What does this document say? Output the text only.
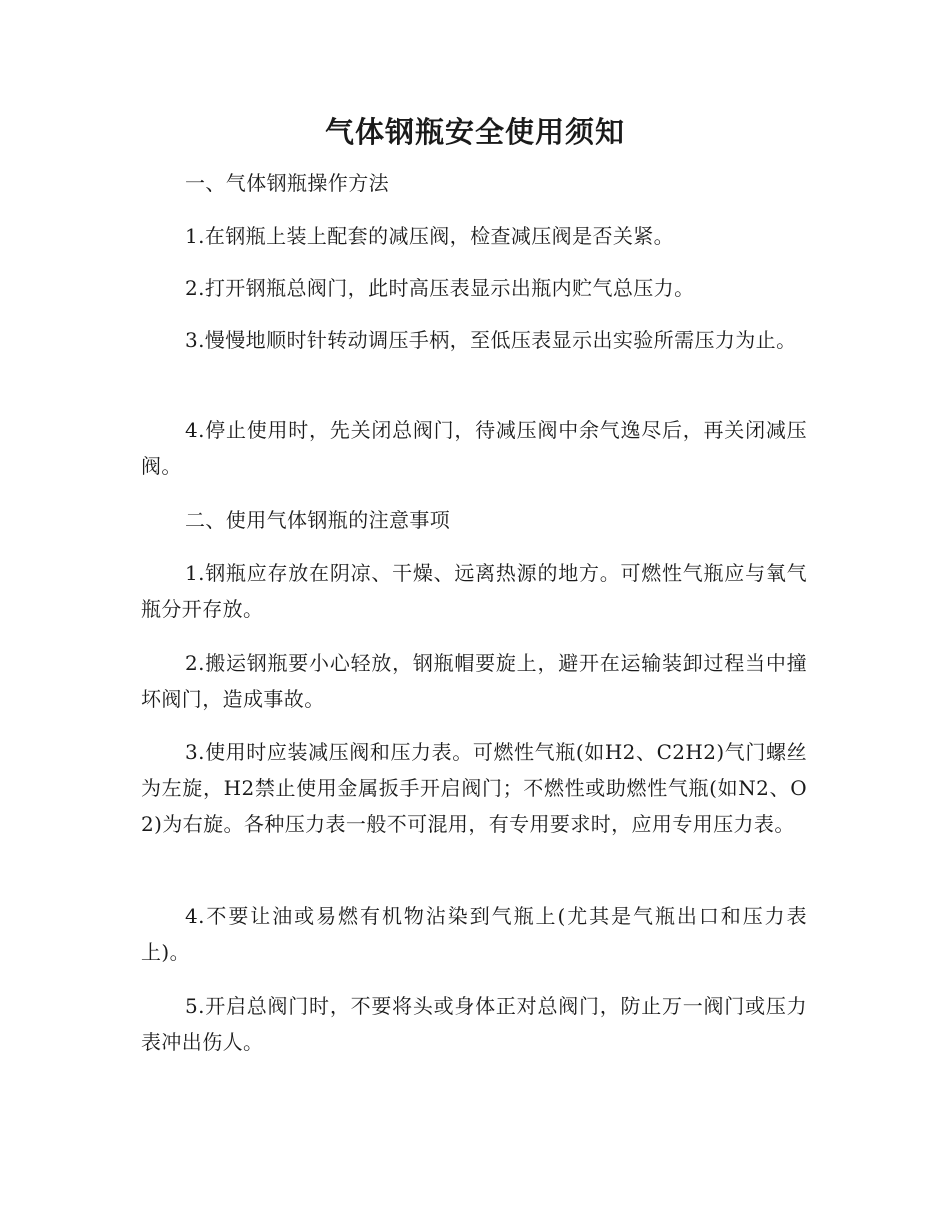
气体钢瓶安全使用须知

一、气体钢瓶操作方法

1.在钢瓶上装上配套的减压阀，检查减压阀是否关紧。

2.打开钢瓶总阀门，此时高压表显示出瓶内贮气总压力。

3.慢慢地顺时针转动调压手柄，至低压表显示出实验所需压力为止。

4.停止使用时，先关闭总阀门，待减压阀中余气逸尽后，再关闭减压阀。

二、使用气体钢瓶的注意事项

1.钢瓶应存放在阴凉、干燥、远离热源的地方。可燃性气瓶应与氧气瓶分开存放。

2.搬运钢瓶要小心轻放，钢瓶帽要旋上，避开在运输装卸过程当中撞坏阀门，造成事故。

3.使用时应装减压阀和压力表。可燃性气瓶(如H2、C2H2)气门螺丝为左旋，H2禁止使用金属扳手开启阀门；不燃性或助燃性气瓶(如N2、O2)为右旋。各种压力表一般不可混用，有专用要求时，应用专用压力表。

4.不要让油或易燃有机物沾染到气瓶上(尤其是气瓶出口和压力表上)。

5.开启总阀门时，不要将头或身体正对总阀门，防止万一阀门或压力表冲出伤人。
